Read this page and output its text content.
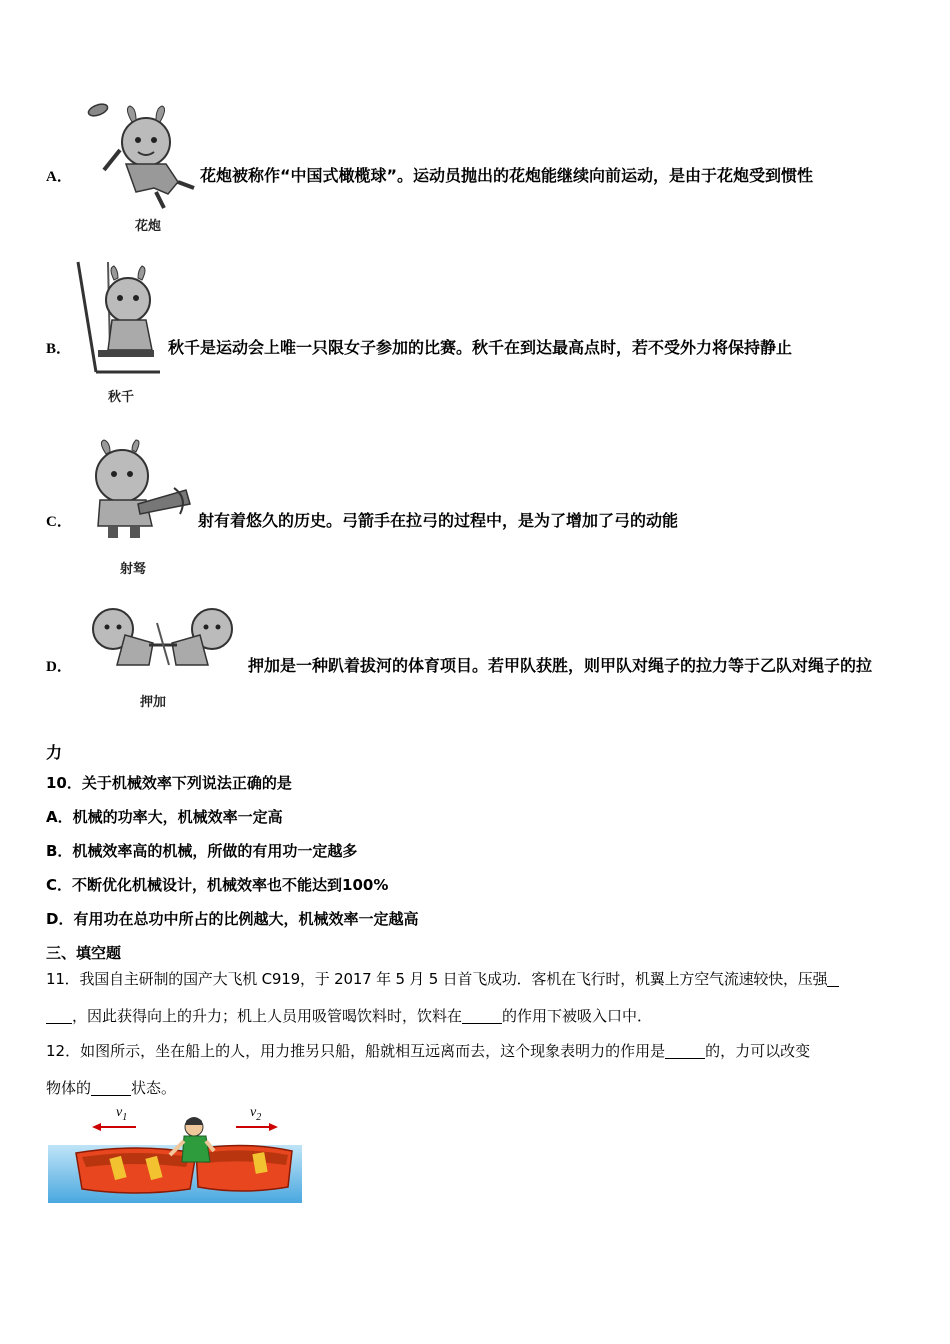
花炮
A．	花炮被称作“中国式橄榄球”。运动员抛出的花炮能继续向前运动，是由于花炮受到惯性
秋千
B．	秋千是运动会上唯一只限女子参加的比赛。秋千在到达最高点时，若不受外力将保持静止
射驽
C．	射有着悠久的历史。弓箭手在拉弓的过程中，是为了增加了弓的动能
押加
D．	押加是一种趴着拔河的体育项目。若甲队获胜，则甲队对绳子的拉力等于乙队对绳子的拉
力
10．关于机械效率下列说法正确的是
A．机械的功率大，机械效率一定高
B．机械效率高的机械，所做的有用功一定越多
C．不断优化机械设计，机械效率也不能达到100%
D．有用功在总功中所占的比例越大，机械效率一定越高
三、填空题
11．我国自主研制的国产大飞机 C919，于 2017 年 5 月 5 日首飞成功．客机在飞行时，机翼上方空气流速较快，压强
，因此获得向上的升力；机上人员用吸管喝饮料时，饮料在	的作用下被吸入口中．
12．如图所示，坐在船上的人，用力推另只船，船就相互远离而去，这个现象表明力的作用是	的，力可以改变
物体的	状态。
$v_1$	$v_2$
